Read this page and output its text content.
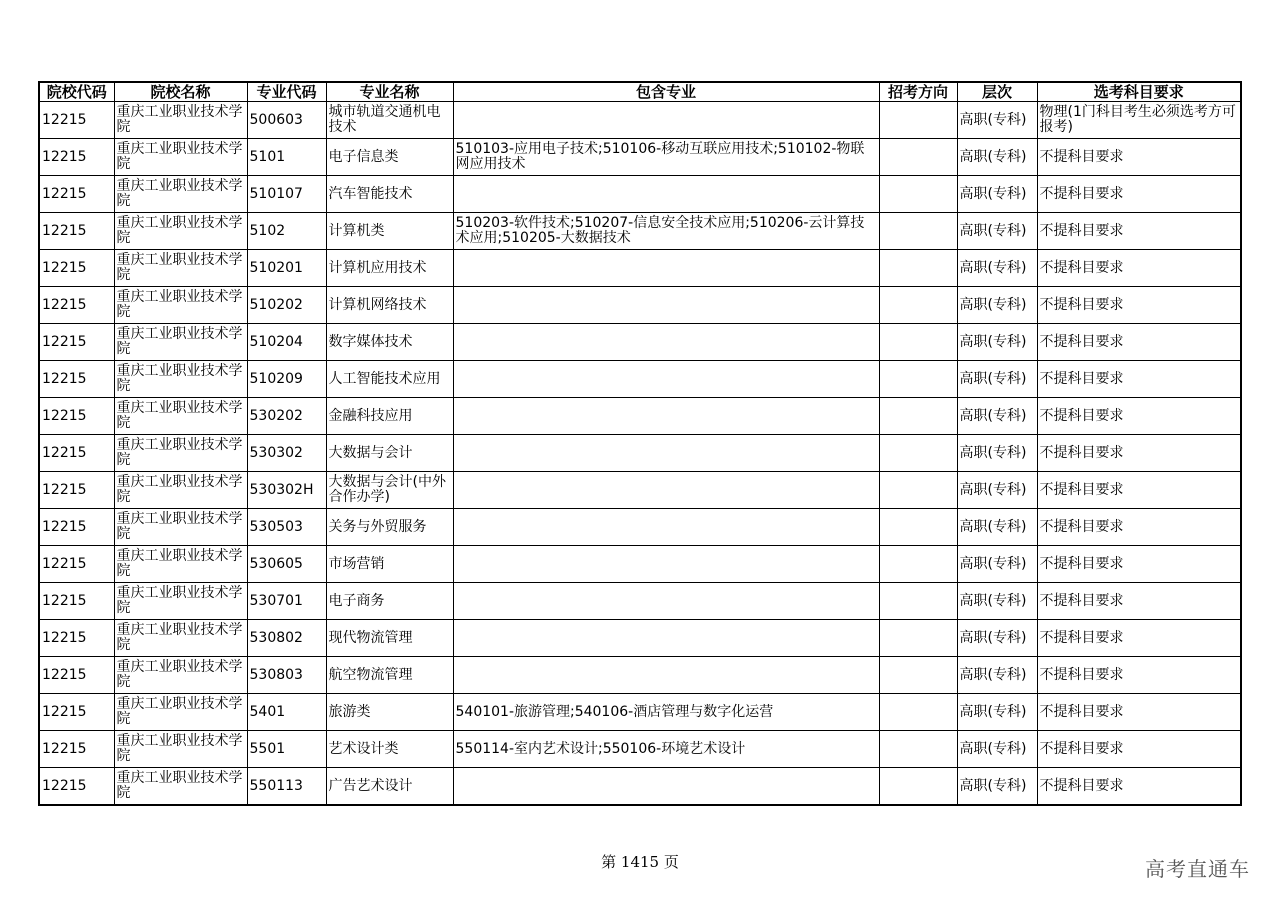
院校代码	院校名称	专业代码	专业名称	包含专业	招考方向	层次	选考科目要求
12215	重庆工业职业技术学院	500603	城市轨道交通机电技术			高职(专科)	物理(1门科目考生必须选考方可报考)
12215	重庆工业职业技术学院	5101	电子信息类	510103-应用电子技术;510106-移动互联应用技术;510102-物联网应用技术		高职(专科)	不提科目要求
12215	重庆工业职业技术学院	510107	汽车智能技术			高职(专科)	不提科目要求
12215	重庆工业职业技术学院	5102	计算机类	510203-软件技术;510207-信息安全技术应用;510206-云计算技术应用;510205-大数据技术		高职(专科)	不提科目要求
12215	重庆工业职业技术学院	510201	计算机应用技术			高职(专科)	不提科目要求
12215	重庆工业职业技术学院	510202	计算机网络技术			高职(专科)	不提科目要求
12215	重庆工业职业技术学院	510204	数字媒体技术			高职(专科)	不提科目要求
12215	重庆工业职业技术学院	510209	人工智能技术应用			高职(专科)	不提科目要求
12215	重庆工业职业技术学院	530202	金融科技应用			高职(专科)	不提科目要求
12215	重庆工业职业技术学院	530302	大数据与会计			高职(专科)	不提科目要求
12215	重庆工业职业技术学院	530302H	大数据与会计(中外合作办学)			高职(专科)	不提科目要求
12215	重庆工业职业技术学院	530503	关务与外贸服务			高职(专科)	不提科目要求
12215	重庆工业职业技术学院	530605	市场营销			高职(专科)	不提科目要求
12215	重庆工业职业技术学院	530701	电子商务			高职(专科)	不提科目要求
12215	重庆工业职业技术学院	530802	现代物流管理			高职(专科)	不提科目要求
12215	重庆工业职业技术学院	530803	航空物流管理			高职(专科)	不提科目要求
12215	重庆工业职业技术学院	5401	旅游类	540101-旅游管理;540106-酒店管理与数字化运营		高职(专科)	不提科目要求
12215	重庆工业职业技术学院	5501	艺术设计类	550114-室内艺术设计;550106-环境艺术设计		高职(专科)	不提科目要求
12215	重庆工业职业技术学院	550113	广告艺术设计			高职(专科)	不提科目要求
第 1415 页	高考直通车
